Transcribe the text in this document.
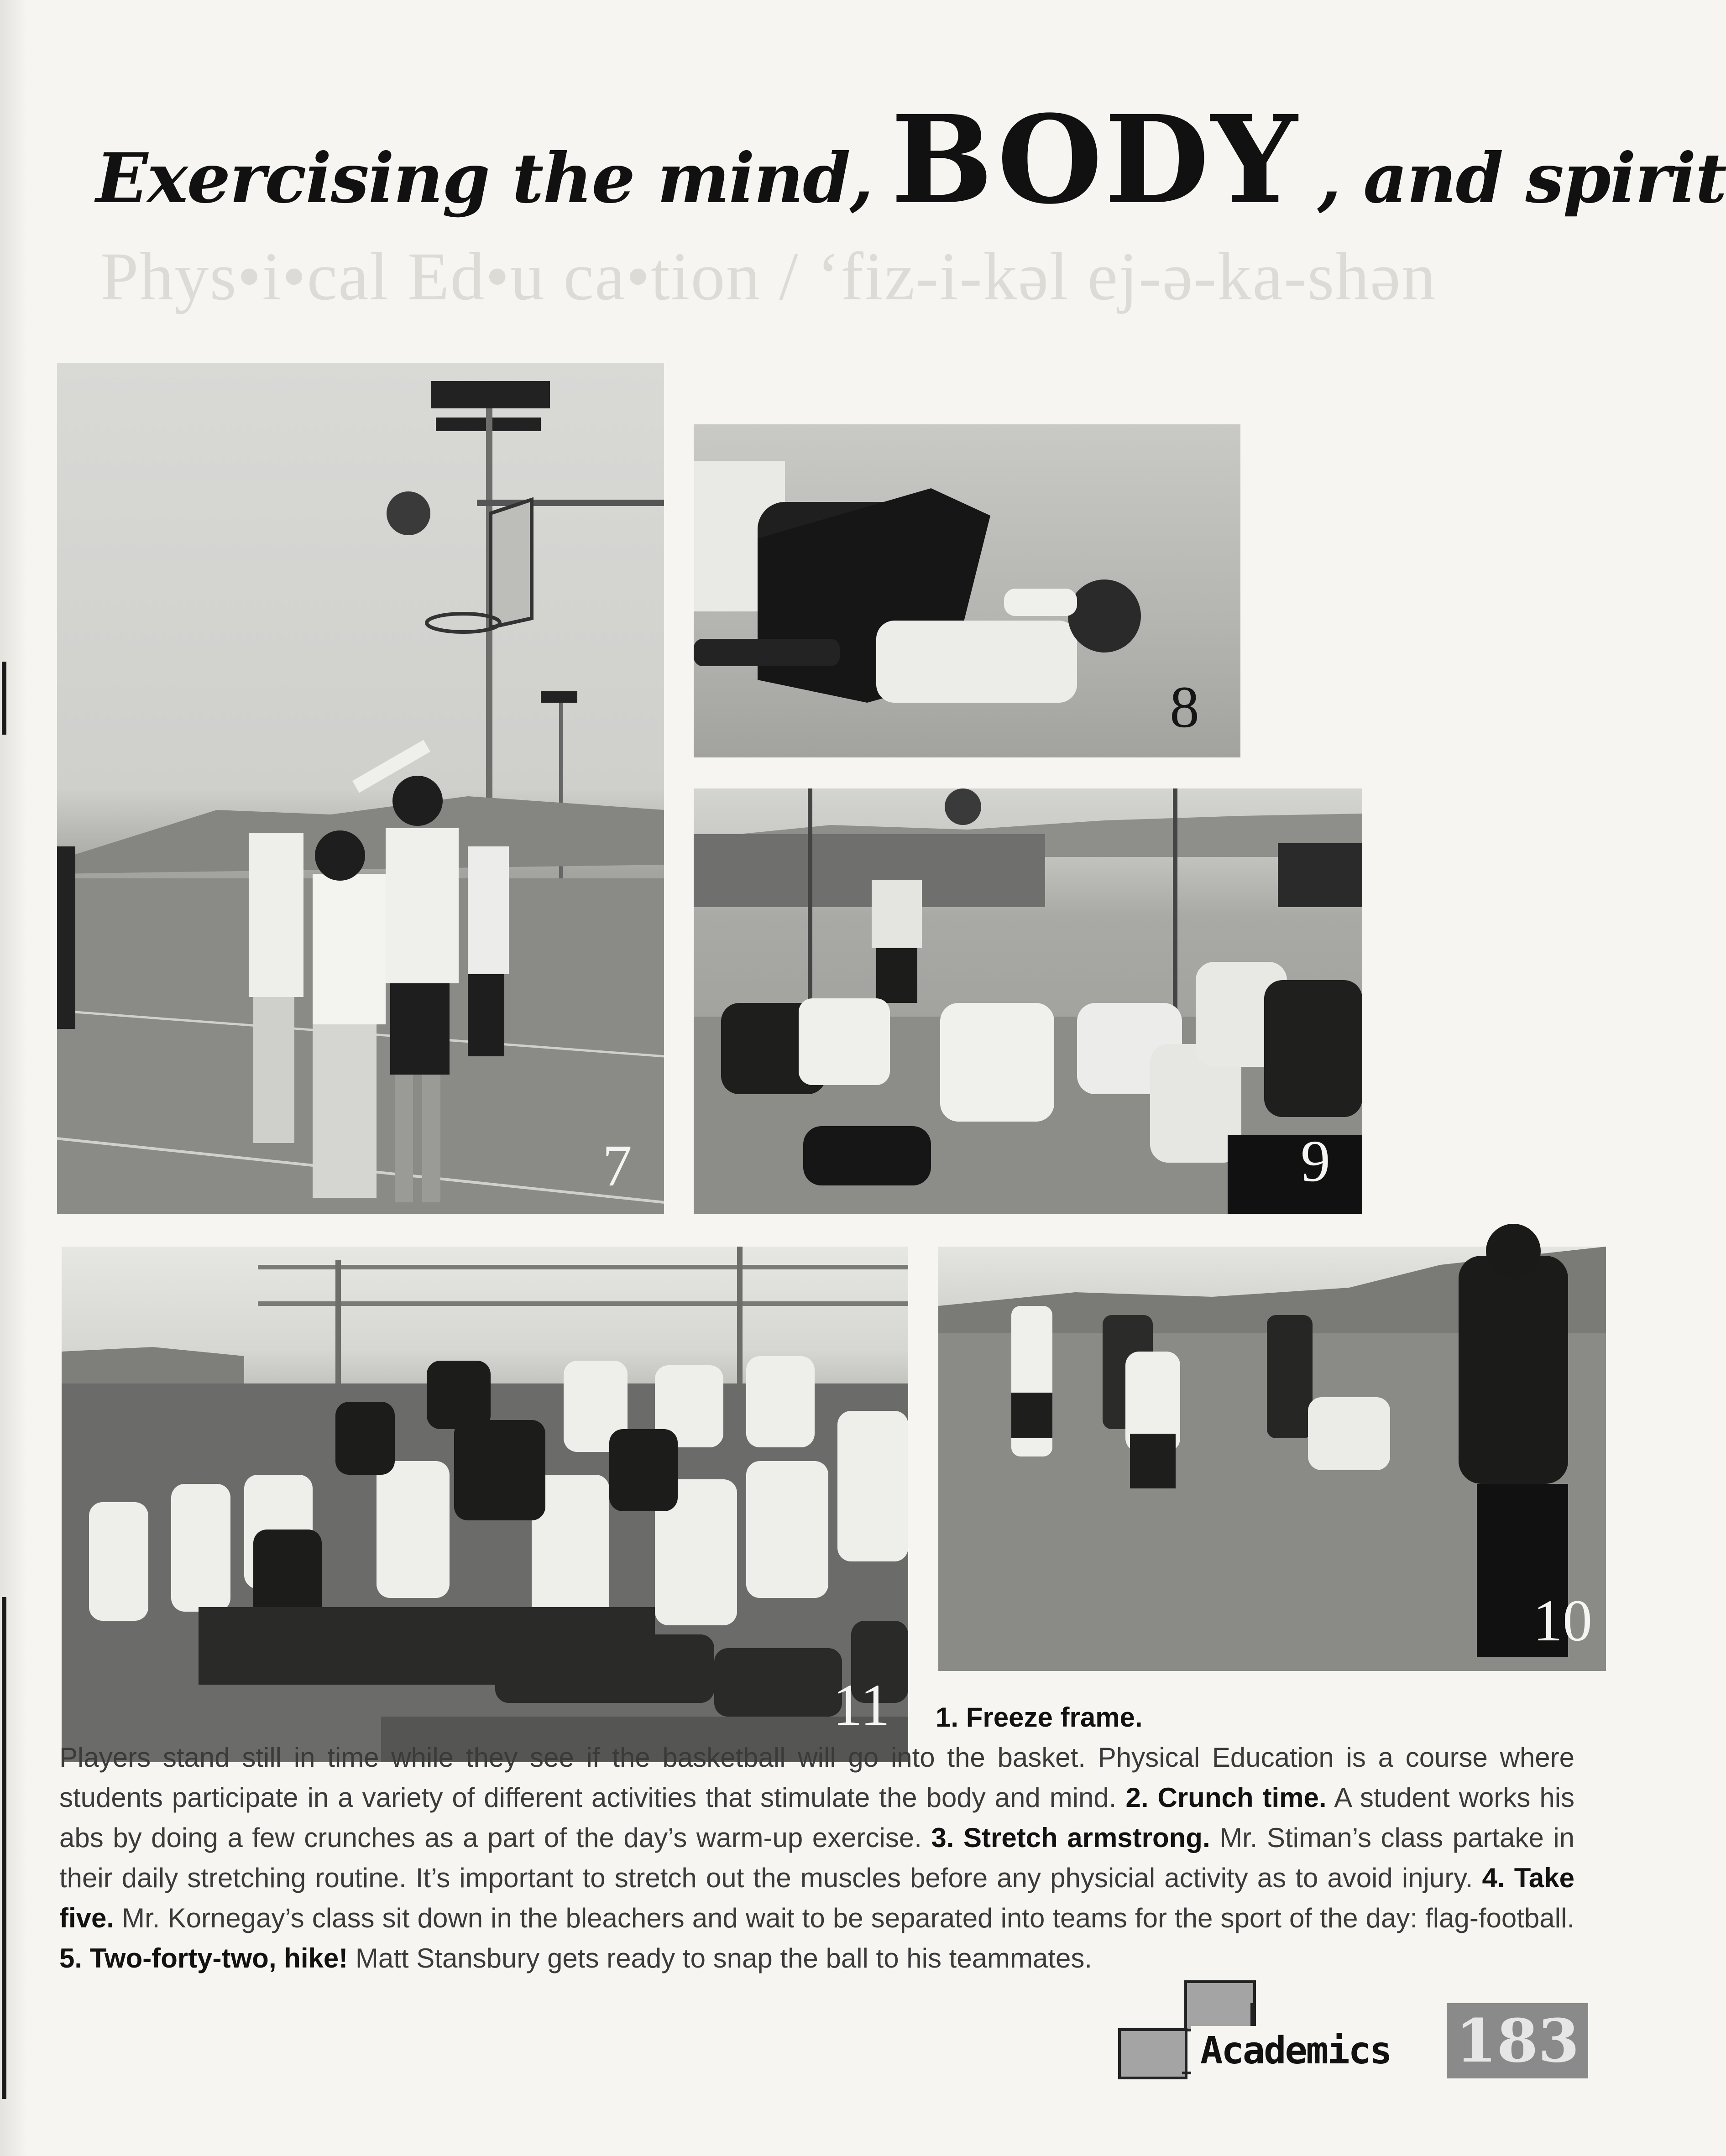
Exercising the mind, BODY , and spirit
Phys•i•cal Ed•u ca•tion / ‘fiz-i-kəl ej-ə-ka-shən
7
8
9
11
10
1. Freeze frame.
Players stand still in time while they see if the basketball will go into the basket. Physical Education is a course where students participate in a variety of different activities that stimulate the body and mind. 2. Crunch time. A student works his abs by doing a few crunches as a part of the day’s warm-up exercise. 3. Stretch armstrong. Mr. Stiman’s class partake in their daily stretching routine. It’s important to stretch out the muscles before any physicial activity as to avoid injury. 4. Take five. Mr. Kornegay’s class sit down in the bleachers and wait to be separated into teams for the sport of the day: flag-football. 5. Two-forty-two, hike! Matt Stansbury gets ready to snap the ball to his teammates.
Academics	183
